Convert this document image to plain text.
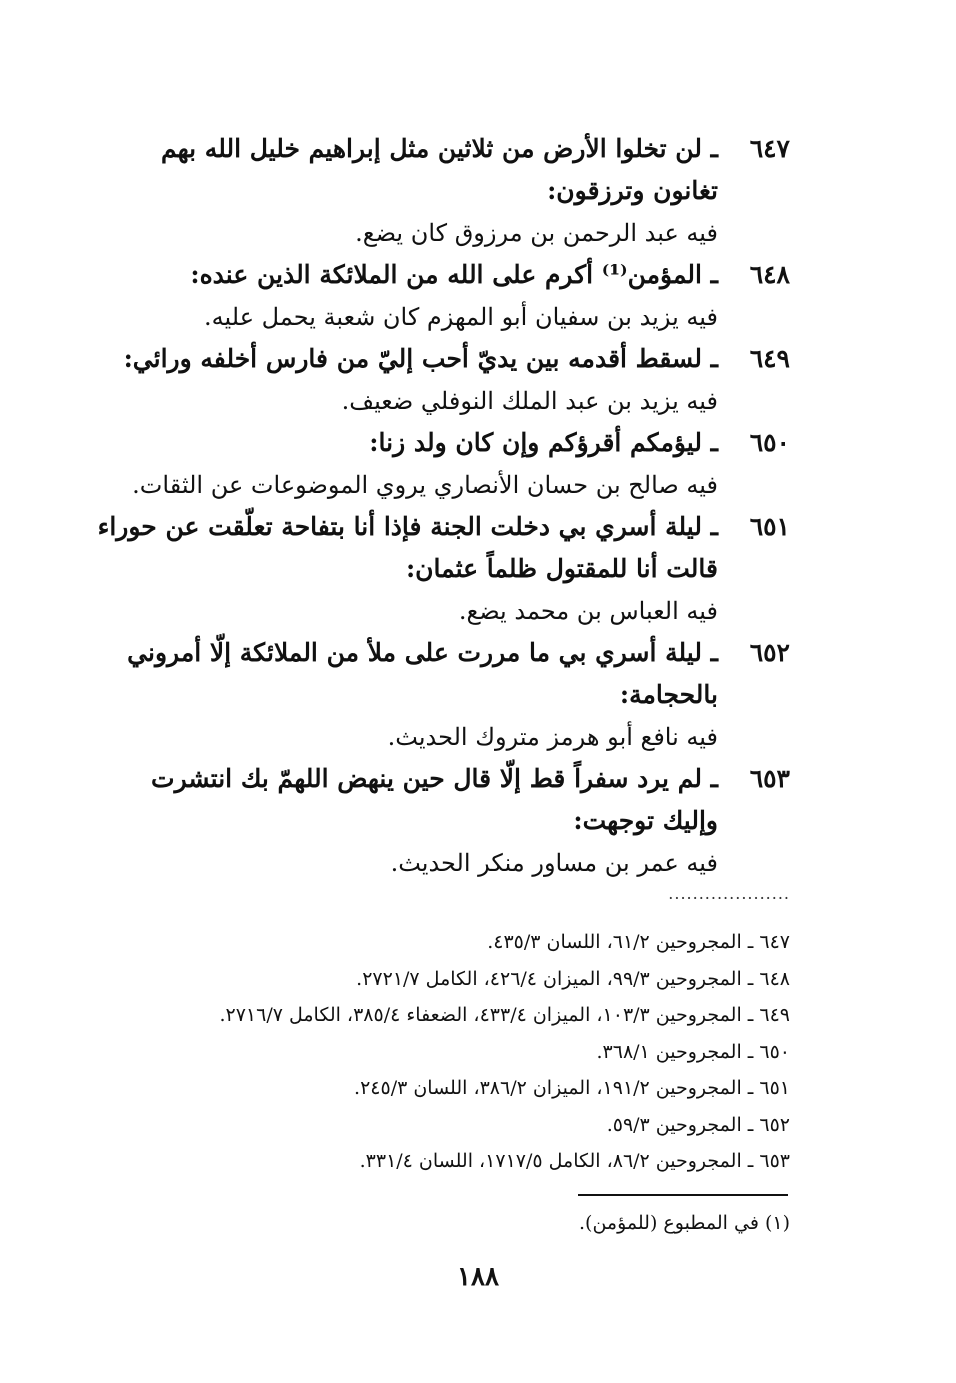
٦٤٧ـ لن تخلوا الأرض من ثلاثين مثل إبراهيم خليل الله بهم تغانون وترزقون:

فيه عبد الرحمن بن مرزوق كان يضع.

٦٤٨ـ المؤمن⁽¹⁾ أكرم على الله من الملائكة الذين عنده:

فيه يزيد بن سفيان أبو المهزم كان شعبة يحمل عليه.

٦٤٩ـ لسقط أقدمه بين يديّ أحب إليّ من فارس أخلفه ورائي:

فيه يزيد بن عبد الملك النوفلي ضعيف.

٦٥٠ـ ليؤمكم أقرؤكم وإن كان ولد زنا:

فيه صالح بن حسان الأنصاري يروي الموضوعات عن الثقات.

٦٥١ـ ليلة أسري بي دخلت الجنة فإذا أنا بتفاحة تعلّقت عن حوراء قالت أنا للمقتول ظلماً عثمان:

فيه العباس بن محمد يضع.

٦٥٢ـ ليلة أسري بي ما مررت على ملأ من الملائكة إلّا أمروني بالحجامة:

فيه نافع أبو هرمز متروك الحديث.

٦٥٣ـ لم يرد سفراً قط إلّا قال حين ينهض اللهمّ بك انتشرت وإليك توجهت:

فيه عمر بن مساور منكر الحديث.

....................

٦٤٧ ـ المجروحين ٦١/٢، اللسان ٤٣٥/٣.

٦٤٨ ـ المجروحين ٩٩/٣، الميزان ٤٢٦/٤، الكامل ٢٧٢١/٧.

٦٤٩ ـ المجروحين ١٠٣/٣، الميزان ٤٣٣/٤، الضعفاء ٣٨٥/٤، الكامل ٢٧١٦/٧.

٦٥٠ ـ المجروحين ٣٦٨/١.

٦٥١ ـ المجروحين ١٩١/٢، الميزان ٣٨٦/٢، اللسان ٢٤٥/٣.

٦٥٢ ـ المجروحين ٥٩/٣.

٦٥٣ ـ المجروحين ٨٦/٢، الكامل ١٧١٧/٥، اللسان ٣٣١/٤.

(١) في المطبوع (للمؤمن).
١٨٨
